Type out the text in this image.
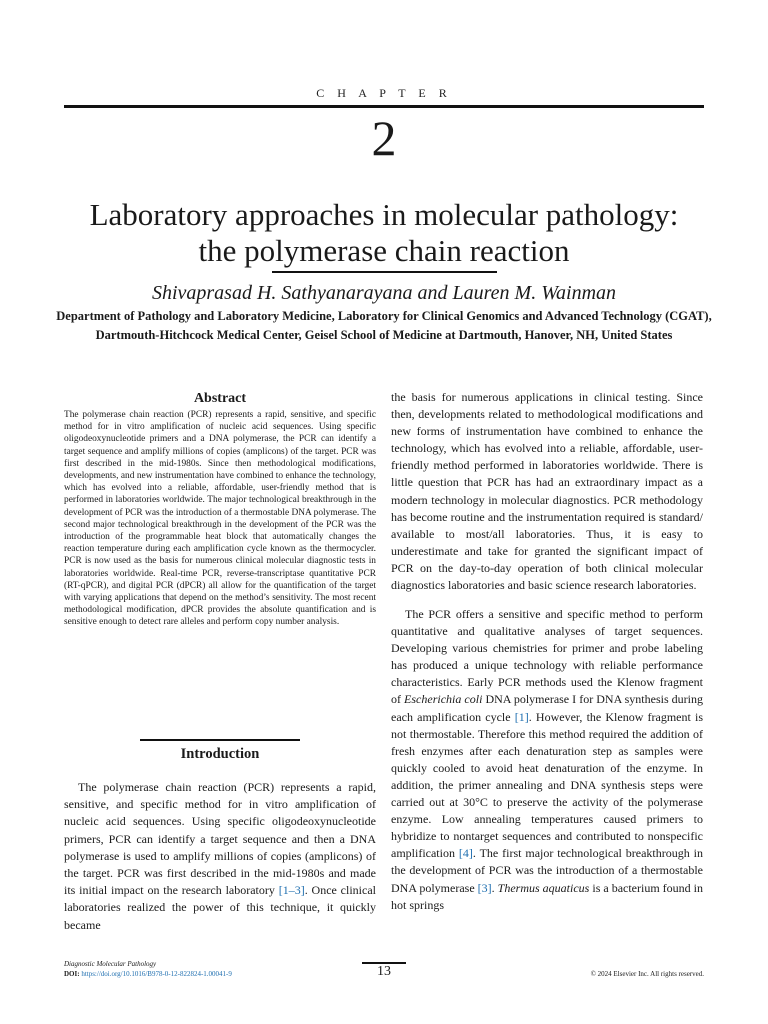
C H A P T E R
2
Laboratory approaches in molecular pathology:
the polymerase chain reaction
Shivaprasad H. Sathyanarayana and Lauren M. Wainman
Department of Pathology and Laboratory Medicine, Laboratory for Clinical Genomics and Advanced Technology (CGAT), Dartmouth-Hitchcock Medical Center, Geisel School of Medicine at Dartmouth, Hanover, NH, United States
Abstract
The polymerase chain reaction (PCR) represents a rapid, sensitive, and specific method for in vitro amplification of nucleic acid sequences. Using specific oligodeoxynucleotide primers and a DNA polymerase, the PCR can identify a target sequence and amplify millions of copies (amplicons) of the target. PCR was first described in the mid-1980s. Since then methodological modifications, developments, and new instrumentation have combined to enhance the technology, which has evolved into a reliable, affordable, user-friendly method that is performed in laboratories worldwide. The major technological breakthrough in the development of PCR was the introduction of a thermostable DNA polymerase. The second major technological breakthrough in the development of the PCR was the introduction of the programmable heat block that automatically changes the reaction temperature during each amplification cycle known as the thermocycler. PCR is now used as the basis for numerous clinical molecular diagnostic tests in laboratories worldwide. Real-time PCR, reverse-transcriptase quantitative PCR (RT-qPCR), and digital PCR (dPCR) all allow for the quantification of the target with varying applications that depend on the method’s sensitivity. The most recent methodological modification, dPCR provides the absolute quantification and is sensitive enough to detect rare alleles and perform copy number analysis.
Introduction
The polymerase chain reaction (PCR) represents a rapid, sensitive, and specific method for in vitro amplification of nucleic acid sequences. Using specific oligodeoxynucleotide primers, PCR can identify a target sequence and then a DNA polymerase is used to amplify millions of copies (amplicons) of the target. PCR was first described in the mid-1980s and made its initial impact on the research laboratory [1–3]. Once clinical laboratories realized the power of this technique, it quickly became
the basis for numerous applications in clinical testing. Since then, developments related to methodological modifications and new forms of instrumentation have combined to enhance the technology, which has evolved into a reliable, affordable, user-friendly method performed in laboratories worldwide. There is little question that PCR has had an extraordinary impact as a modern technology in molecular diagnostics. PCR methodology has become routine and the instrumentation required is standard/ available to most/all laboratories. Thus, it is easy to underestimate and take for granted the significant impact of PCR on the day-to-day operation of both clinical molecular diagnostics laboratories and basic science research laboratories.
The PCR offers a sensitive and specific method to perform quantitative and qualitative analyses of target sequences. Developing various chemistries for primer and probe labeling has produced a unique technology with reliable performance characteristics. Early PCR methods used the Klenow fragment of Escherichia coli DNA polymerase I for DNA synthesis during each amplification cycle [1]. However, the Klenow fragment is not thermostable. Therefore this method required the addition of fresh enzymes after each denaturation step as samples were quickly cooled to avoid heat denaturation of the enzyme. In addition, the primer annealing and DNA synthesis steps were carried out at 30°C to preserve the activity of the polymerase enzyme. Low annealing temperatures caused primers to hybridize to nontarget sequences and contributed to nonspecific amplification [4]. The first major technological breakthrough in the development of PCR was the introduction of a thermostable DNA polymerase [3]. Thermus aquaticus is a bacterium found in hot springs
Diagnostic Molecular Pathology
DOI: https://doi.org/10.1016/B978-0-12-822824-1.00041-9	13	© 2024 Elsevier Inc. All rights reserved.
